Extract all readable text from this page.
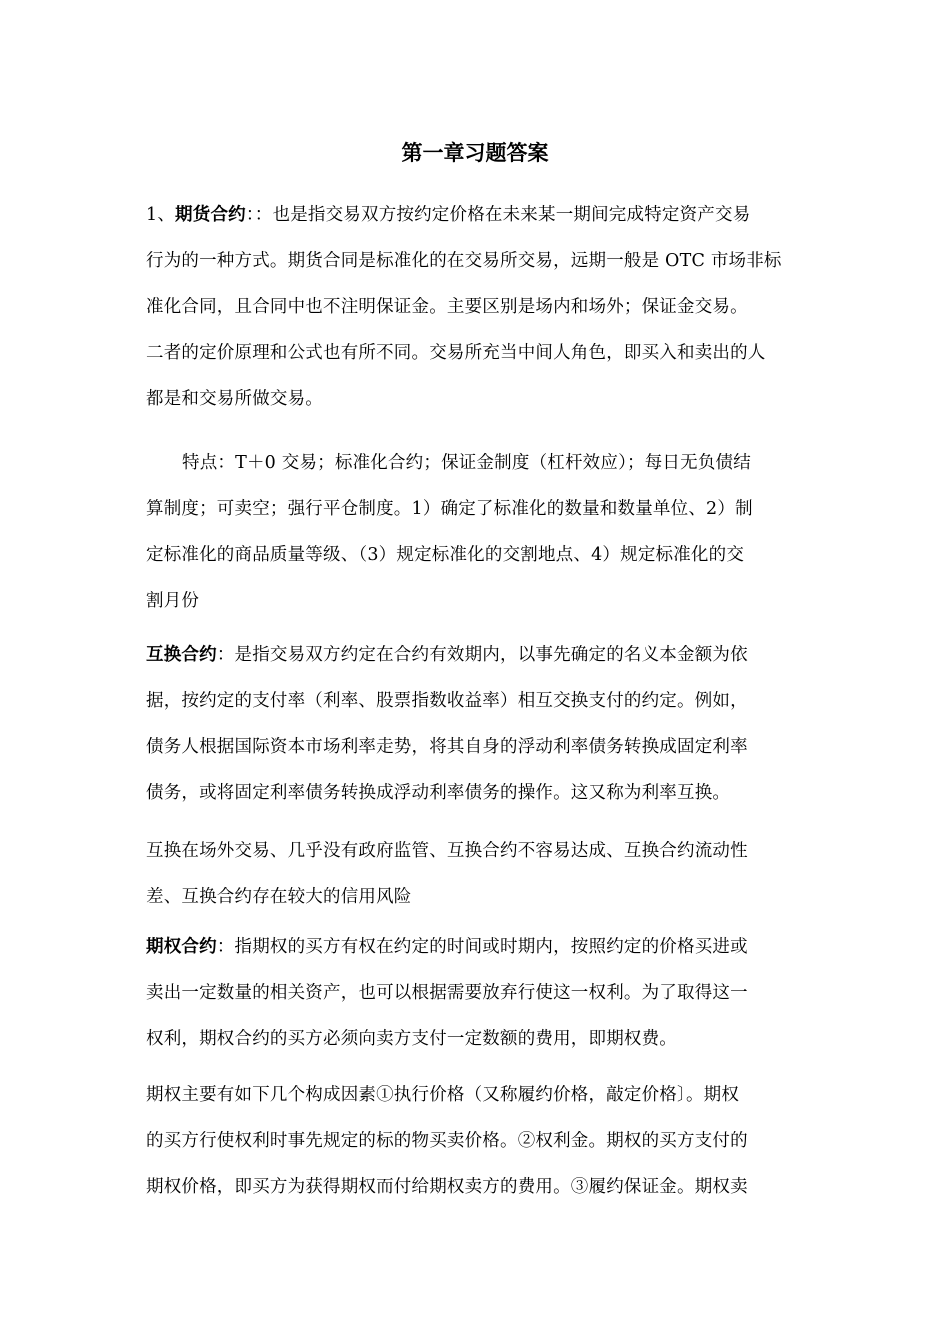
第一章习题答案
1、期货合约：：也是指交易双方按约定价格在未来某一期间完成特定资产交易
行为的一种方式。期货合同是标准化的在交易所交易，远期一般是 OTC 市场非标
准化合同，且合同中也不注明保证金。主要区别是场内和场外；保证金交易。
二者的定价原理和公式也有所不同。交易所充当中间人角色，即买入和卖出的人
都是和交易所做交易。
特点：T＋0 交易；标准化合约；保证金制度（杠杆效应）；每日无负债结
算制度；可卖空；强行平仓制度。1）确定了标准化的数量和数量单位、2）制
定标准化的商品质量等级、（3）规定标准化的交割地点、4）规定标准化的交
割月份
互换合约：是指交易双方约定在合约有效期内，以事先确定的名义本金额为依
据，按约定的支付率（利率、股票指数收益率）相互交换支付的约定。例如，
债务人根据国际资本市场利率走势，将其自身的浮动利率债务转换成固定利率
债务，或将固定利率债务转换成浮动利率债务的操作。这又称为利率互换。
互换在场外交易、几乎没有政府监管、互换合约不容易达成、互换合约流动性
差、互换合约存在较大的信用风险
期权合约：指期权的买方有权在约定的时间或时期内，按照约定的价格买进或
卖出一定数量的相关资产，也可以根据需要放弃行使这一权利。为了取得这一
权利，期权合约的买方必须向卖方支付一定数额的费用，即期权费。
期权主要有如下几个构成因素①执行价格（又称履约价格，敲定价格〕。期权
的买方行使权利时事先规定的标的物买卖价格。②权利金。期权的买方支付的
期权价格，即买方为获得期权而付给期权卖方的费用。③履约保证金。期权卖
